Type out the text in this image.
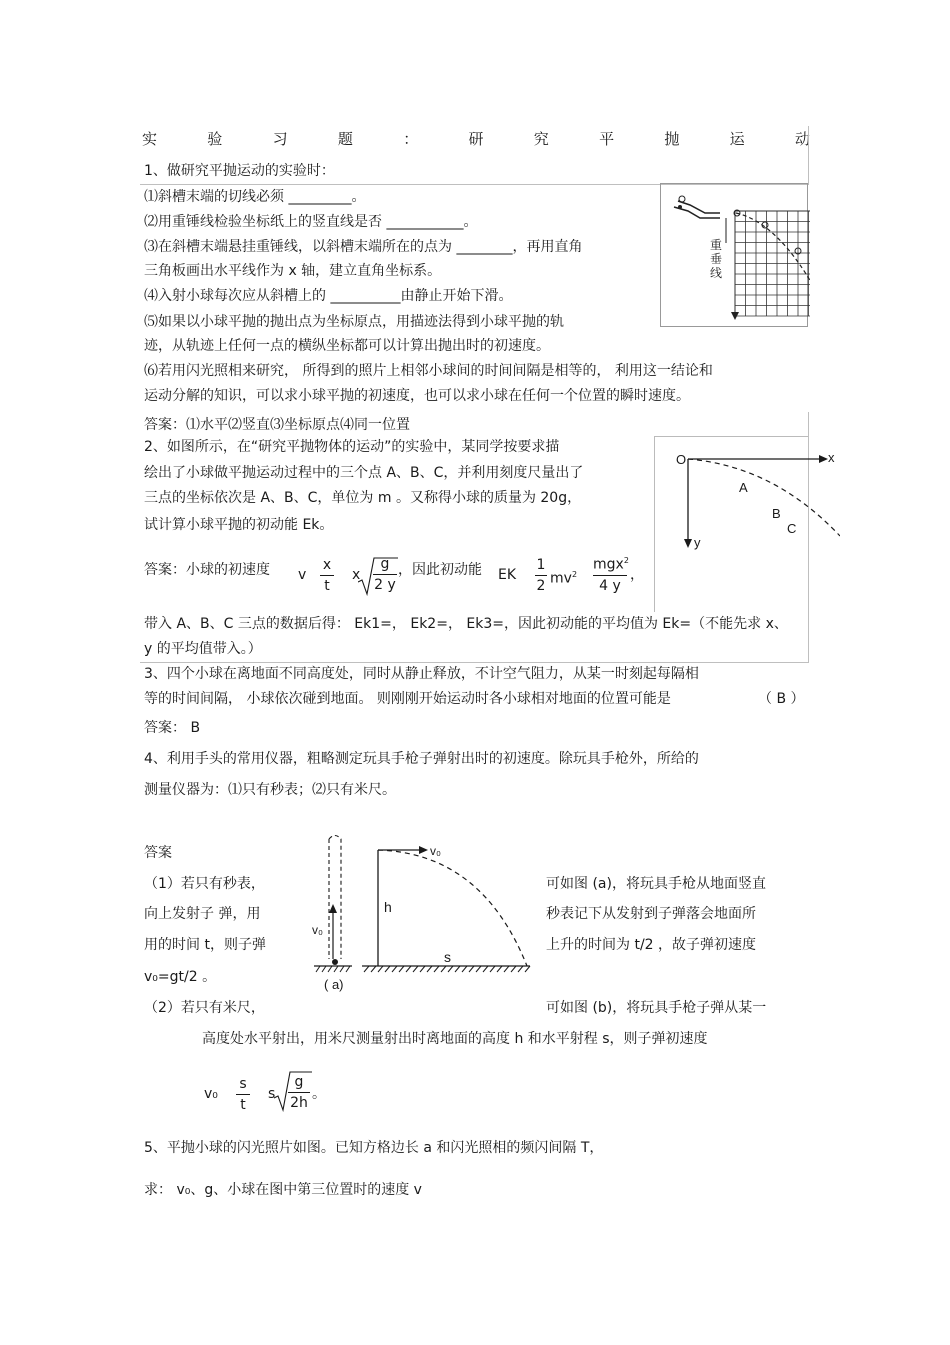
实	验	习	题	：	研	究	平	抛	运	动
1、做研究平抛运动的实验时：
⑴斜槽末端的切线必须 _________。
⑵用重锤线检验坐标纸上的竖直线是否 ___________。
⑶在斜槽末端悬挂重锤线，以斜槽末端所在的点为 ________，再用直角
三角板画出水平线作为 x 轴，建立直角坐标系。
⑷入射小球每次应从斜槽上的 __________由静止开始下滑。
⑸如果以小球平抛的抛出点为坐标原点，用描迹法得到小球平抛的轨
迹，从轨迹上任何一点的横纵坐标都可以计算出抛出时的初速度。
⑹若用闪光照相来研究， 所得到的照片上相邻小球间的时间间隔是相等的， 利用这一结论和
运动分解的知识，可以求小球平抛的初速度，也可以求小球在任何一个位置的瞬时速度。
答案：⑴水平⑵竖直⑶坐标原点⑷同一位置
重垂线
2、如图所示，在“研究平抛物体的运动”的实验中，某同学按要求描
绘出了小球做平抛运动过程中的三个点 A、B、C，并利用刻度尺量出了
三点的坐标依次是 A、B、C，单位为 m 。又称得小球的质量为 20g，
试计算小球平抛的初动能 Ek。
答案：小球的初速度 v $\frac{x}{t}$ x $\frac{g}{2 y}$ ，因此初动能 EK $\frac{1}{2} mv^2$
mgx$^2$
4 y
，
带入 A、B、C 三点的数据后得： Ek1=， Ek2=， Ek3=，因此初动能的平均值为 Ek=（不能先求 x、
y 的平均值带入。）
O	x
y
A
B
C
3、四个小球在离地面不同高度处，同时从静止释放，不计空气阻力，从某一时刻起每隔相
等的时间间隔， 小球依次碰到地面。 则刚刚开始运动时各小球相对地面的位置可能是	（ B ）
答案： B
4、利用手头的常用仪器，粗略测定玩具手枪子弹射出时的初速度。除玩具手枪外，所给的
测量仪器为：⑴只有秒表；⑵只有米尺。
答案
（1）若只有秒表，	可如图 (a)，将玩具手枪从地面竖直
向上发射子 弹，用	秒表记下从发射到子弹落会地面所
用的时间 t，则子弹	上升的时间为 t/2 ，故子弹初速度
v₀=gt/2 。
（2）若只有米尺，	可如图 (b)，将玩具手枪子弹从某一
高度处水平射出，用米尺测量射出时离地面的高度 h 和水平射程 s，则子弹初速度
$v_0 \frac{s}{t}$ s $\frac{g}{2h}$ 。
v₀
( a)
v₀
h
s
5、平抛小球的闪光照片如图。已知方格边长 a 和闪光照相的频闪间隔 T，
求： v₀、g、小球在图中第三位置时的速度 v
